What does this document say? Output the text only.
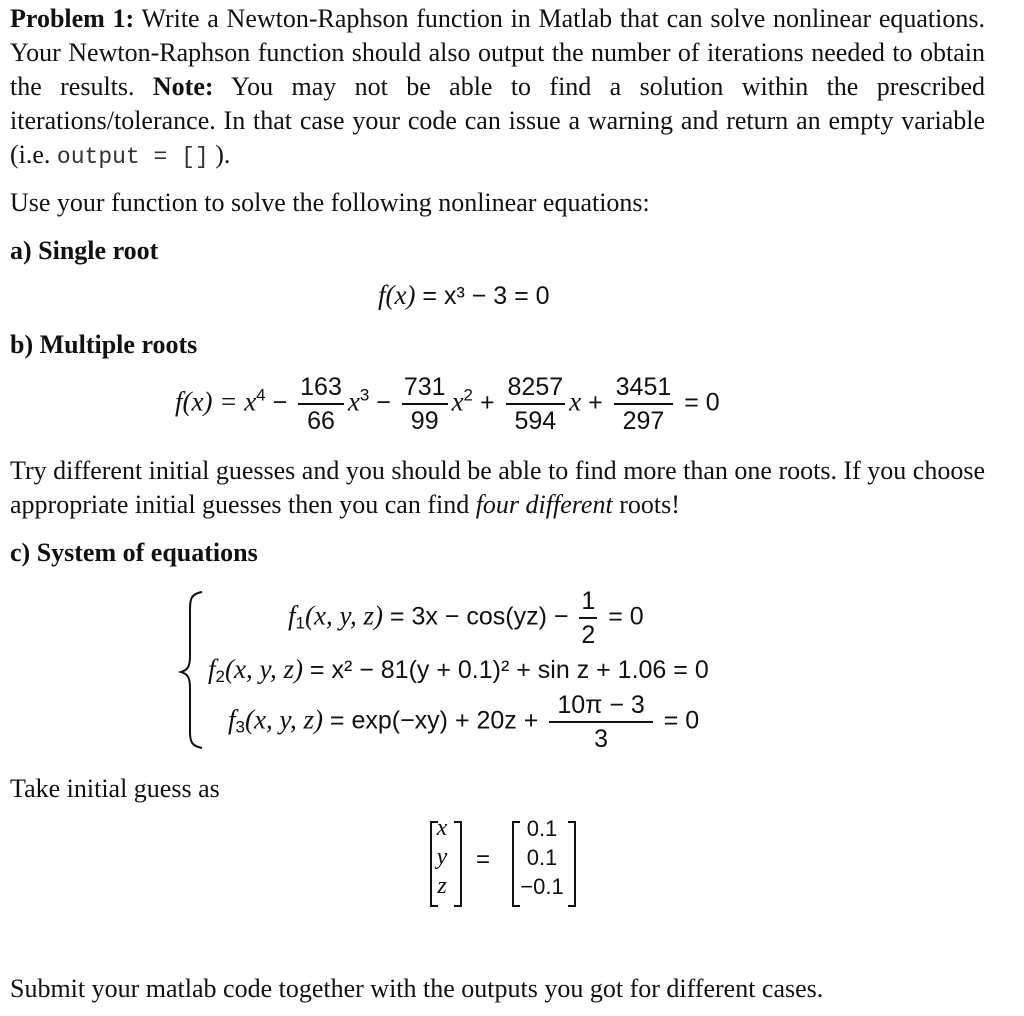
Problem 1: Write a Newton-Raphson function in Matlab that can solve nonlinear equations. Your Newton-Raphson function should also output the number of iterations needed to obtain the results. Note: You may not be able to find a solution within the prescribed iterations/tolerance. In that case your code can issue a warning and return an empty variable (i.e. output = [] ).

Use your function to solve the following nonlinear equations:

a) Single root

f(x) = x³ − 3 = 0

b) Multiple roots

$f(x) = x^4 - \frac{163}{66} x^3 - \frac{731}{99} x^2 + \frac{8257}{594}$ $x + \frac{3451}{297} = 0$

Try different initial guesses and you should be able to find more than one roots. If you choose appropriate initial guesses then you can find four different roots!

c) System of equations

$f_1(x$, y, $z) = 3x - \cos(yz) - \frac{1}{2} = 0$
$f_2(x$, y, z) = x² − 81(y + 0.1)² + sin z + 1.06 = 0
$f_3(x$, y, $z) = \exp(-xy) + 20z + \frac{10\pi - 3}{3} = 0$

Take initial guess as

x
y
z
=
0.1
0.1
−0.1

Submit your matlab code together with the outputs you got for different cases.
